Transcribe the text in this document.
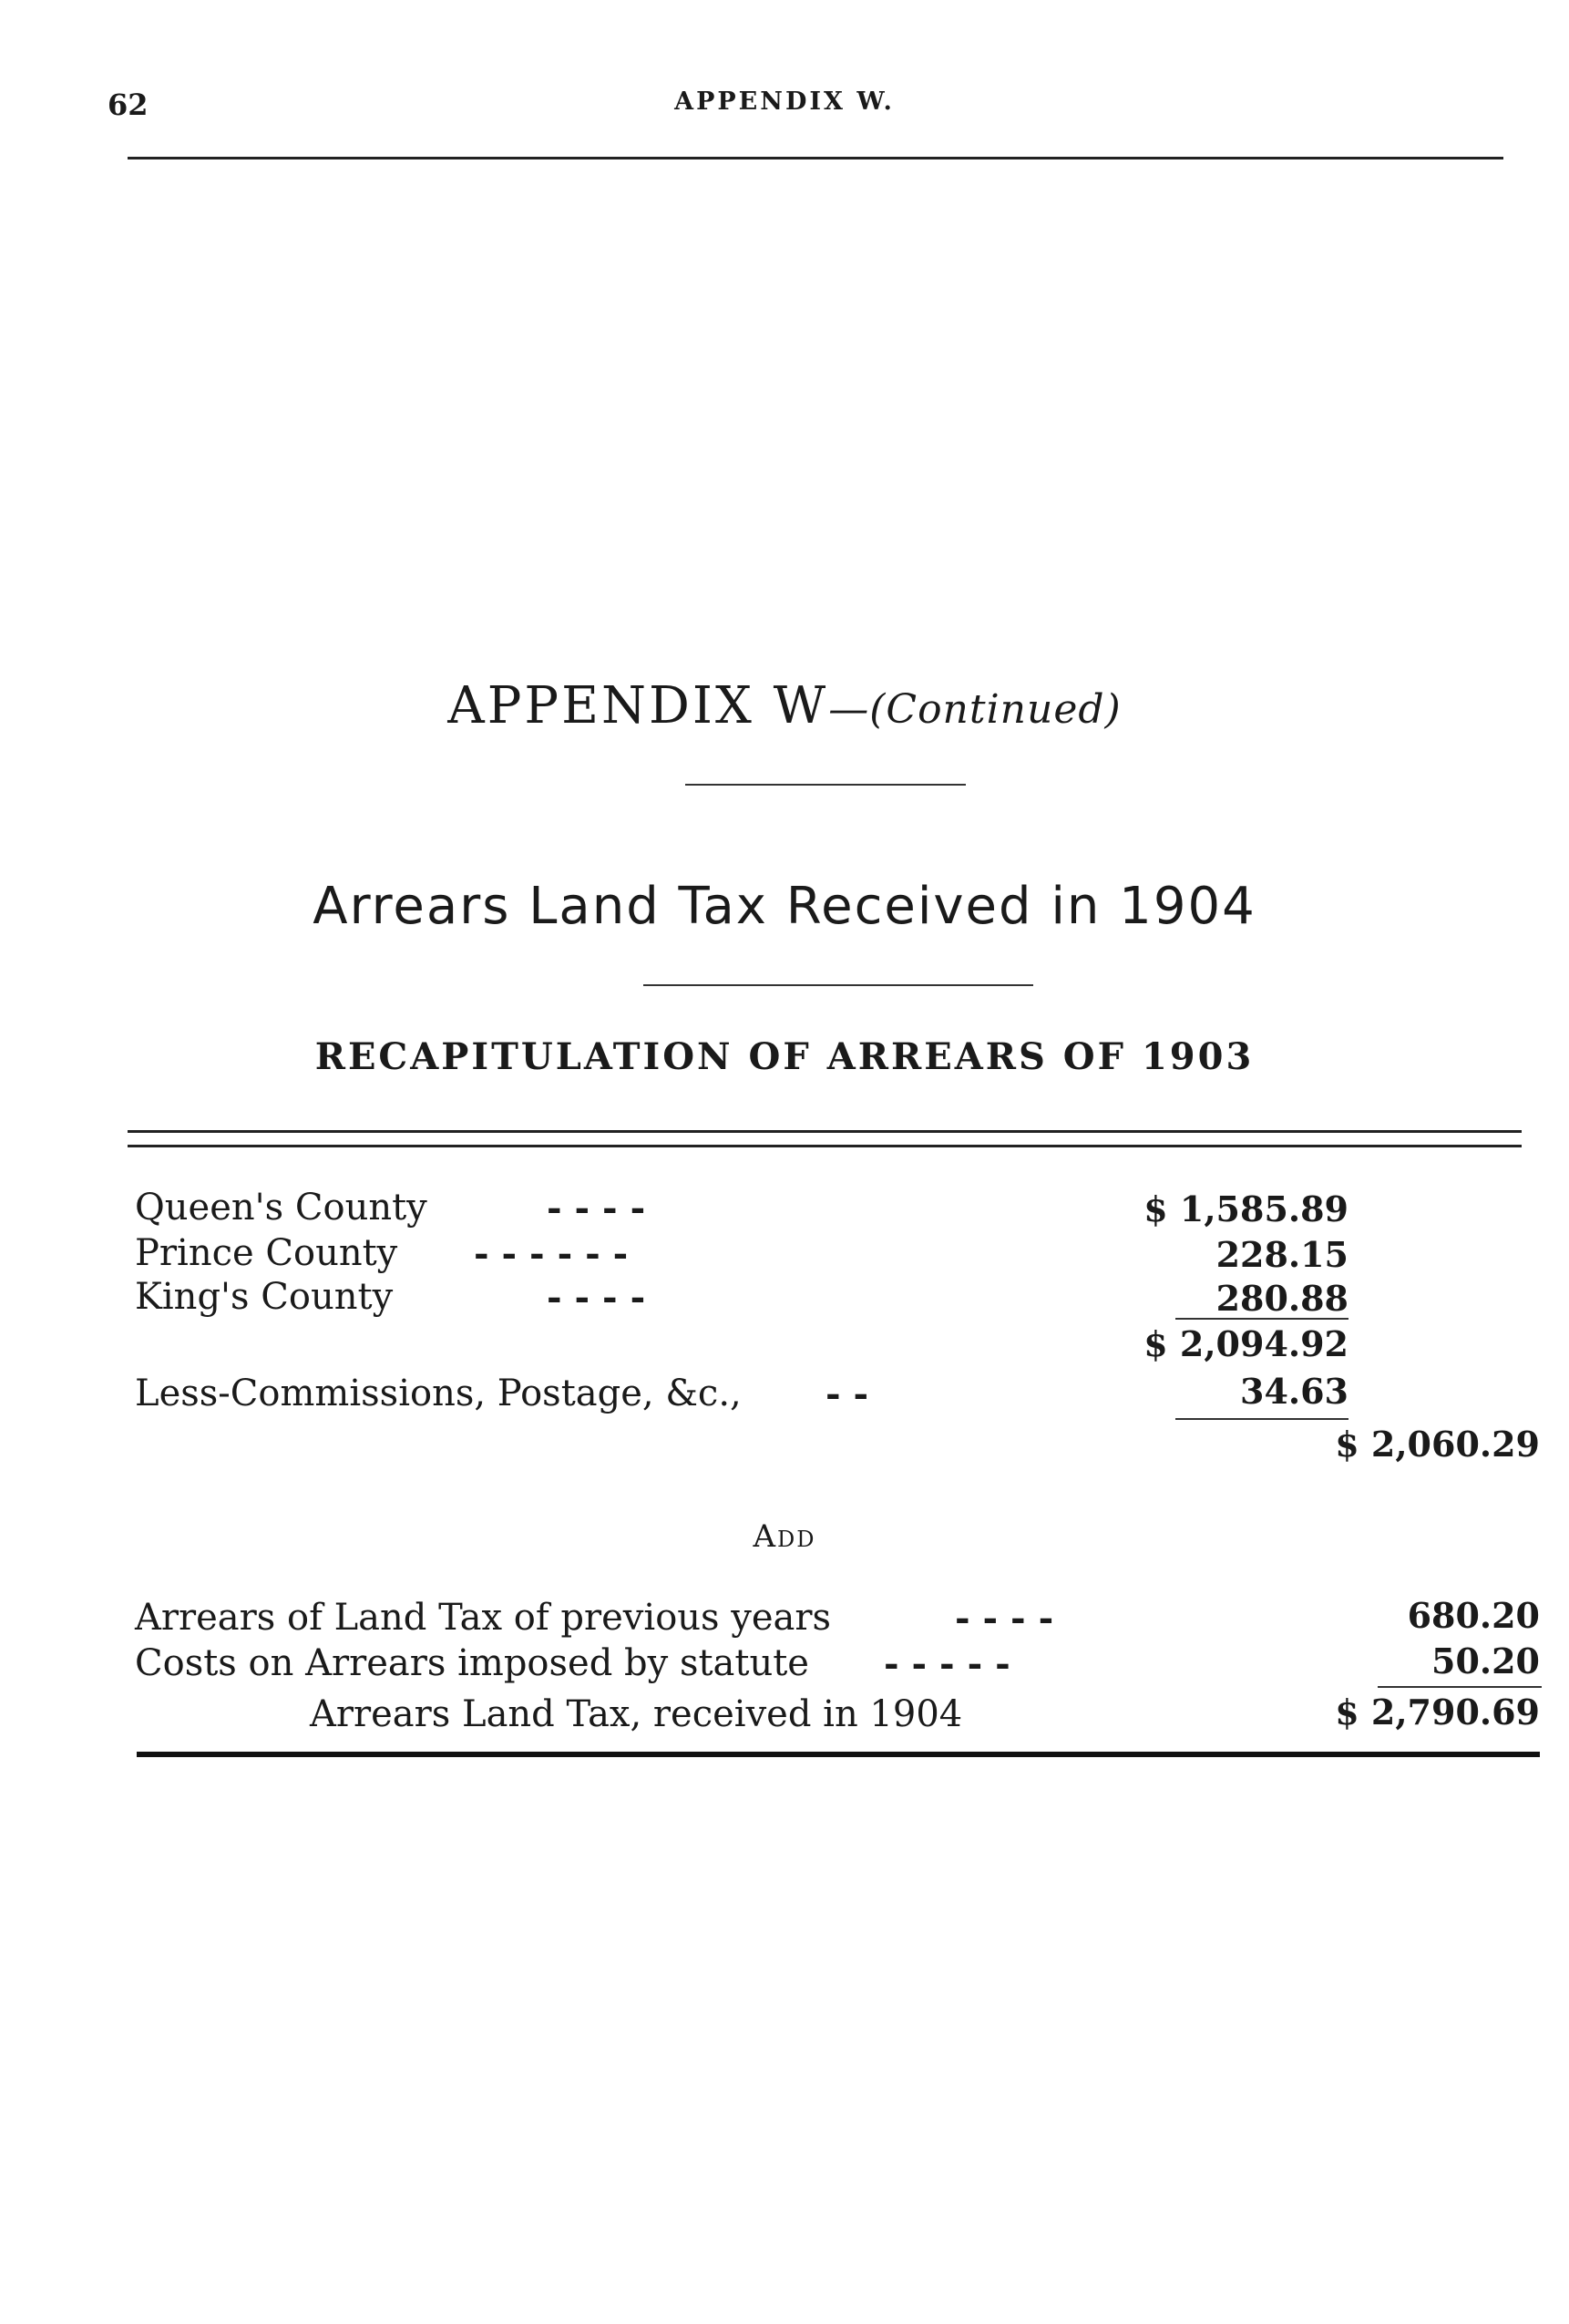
62	APPENDIX W.
APPENDIX W—(Continued)
Arrears Land Tax Received in 1904
RECAPITULATION OF ARREARS OF 1903
Queen's County	- - - -	$ 1,585.89
Prince County - - - - - -	228.15
King's County	- - - -	280.88
$ 2,094.92
Less-Commissions, Postage, &c., - -	34.63
$ 2,060.29
Add
Arrears of Land Tax of previous years	- - - -	680.20
Costs on Arrears imposed by statute - - - - -	50.20
Arrears Land Tax, received in 1904	$ 2,790.69
